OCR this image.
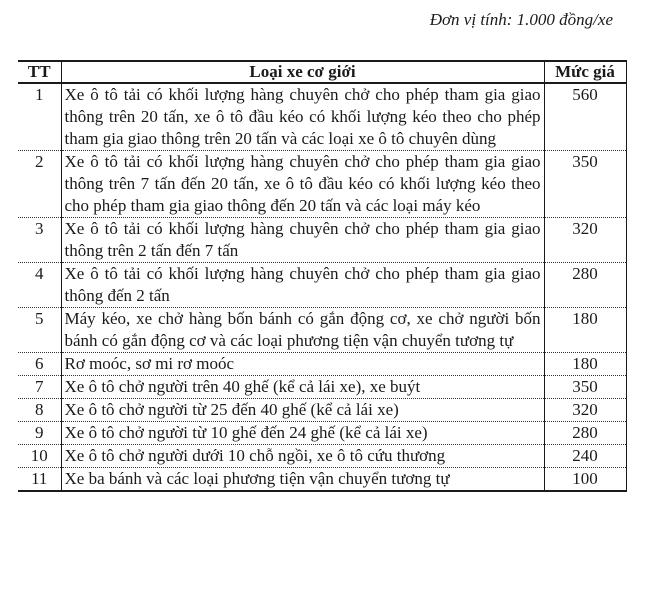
Đơn vị tính: 1.000 đồng/xe
TT	Loại xe cơ giới	Mức giá
1	Xe ô tô tải có khối lượng hàng chuyên chở cho phép tham gia giao thông trên 20 tấn, xe ô tô đầu kéo có khối lượng kéo theo cho phép tham gia giao thông trên 20 tấn và các loại xe ô tô chuyên dùng	560
2	Xe ô tô tải có khối lượng hàng chuyên chở cho phép tham gia giao thông trên 7 tấn đến 20 tấn, xe ô tô đầu kéo có khối lượng kéo theo cho phép tham gia giao thông đến 20 tấn và các loại máy kéo	350
3	Xe ô tô tải có khối lượng hàng chuyên chở cho phép tham gia giao thông trên 2 tấn đến 7 tấn	320
4	Xe ô tô tải có khối lượng hàng chuyên chở cho phép tham gia giao thông đến 2 tấn	280
5	Máy kéo, xe chở hàng bốn bánh có gắn động cơ, xe chở người bốn bánh có gắn động cơ và các loại phương tiện vận chuyển tương tự	180
6	Rơ moóc, sơ mi rơ moóc	180
7	Xe ô tô chở người trên 40 ghế (kể cả lái xe), xe buýt	350
8	Xe ô tô chở người từ 25 đến 40 ghế (kể cả lái xe)	320
9	Xe ô tô chở người từ 10 ghế đến 24 ghế (kể cả lái xe)	280
10	Xe ô tô chở người dưới 10 chỗ ngồi, xe ô tô cứu thương	240
11	Xe ba bánh và các loại phương tiện vận chuyển tương tự	100
